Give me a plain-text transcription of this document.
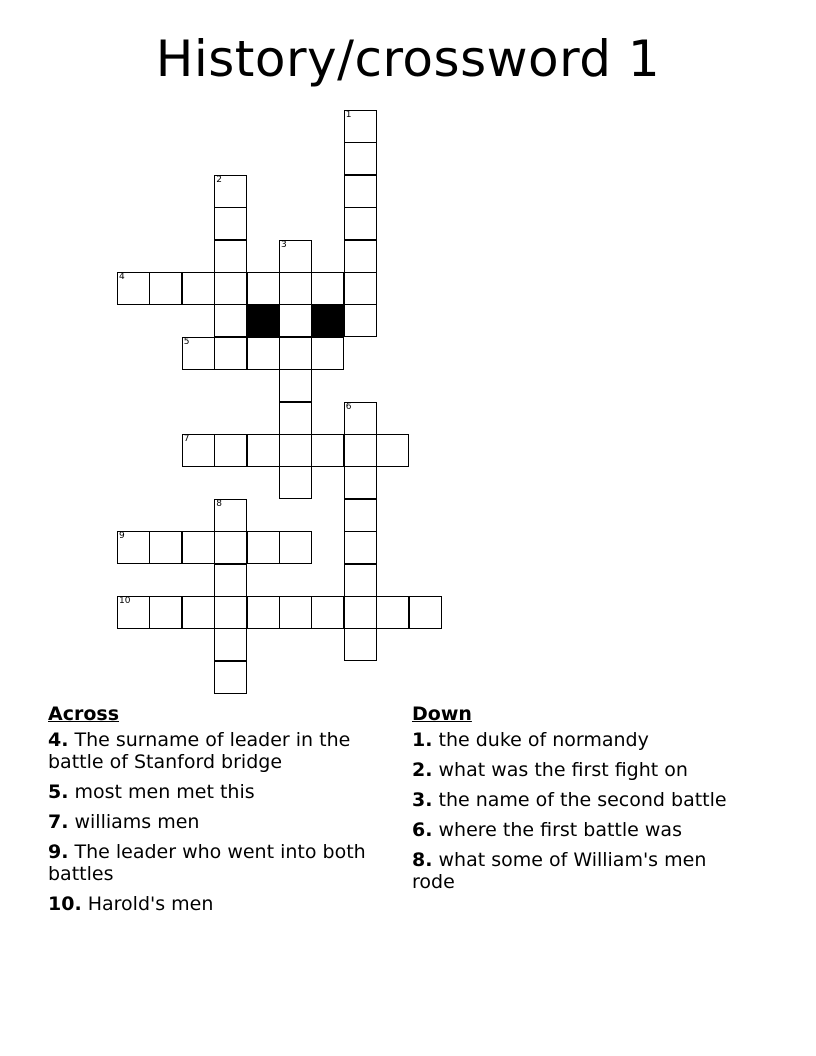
History/crossword 1
1
2
3
4
5
6
7
8
9
10
Across
4. The surname of leader in the battle of Stanford bridge
5. most men met this
7. williams men
9. The leader who went into both battles
10. Harold's men
Down
1. the duke of normandy
2. what was the first fight on
3. the name of the second battle
6. where the first battle was
8. what some of William's men rode
